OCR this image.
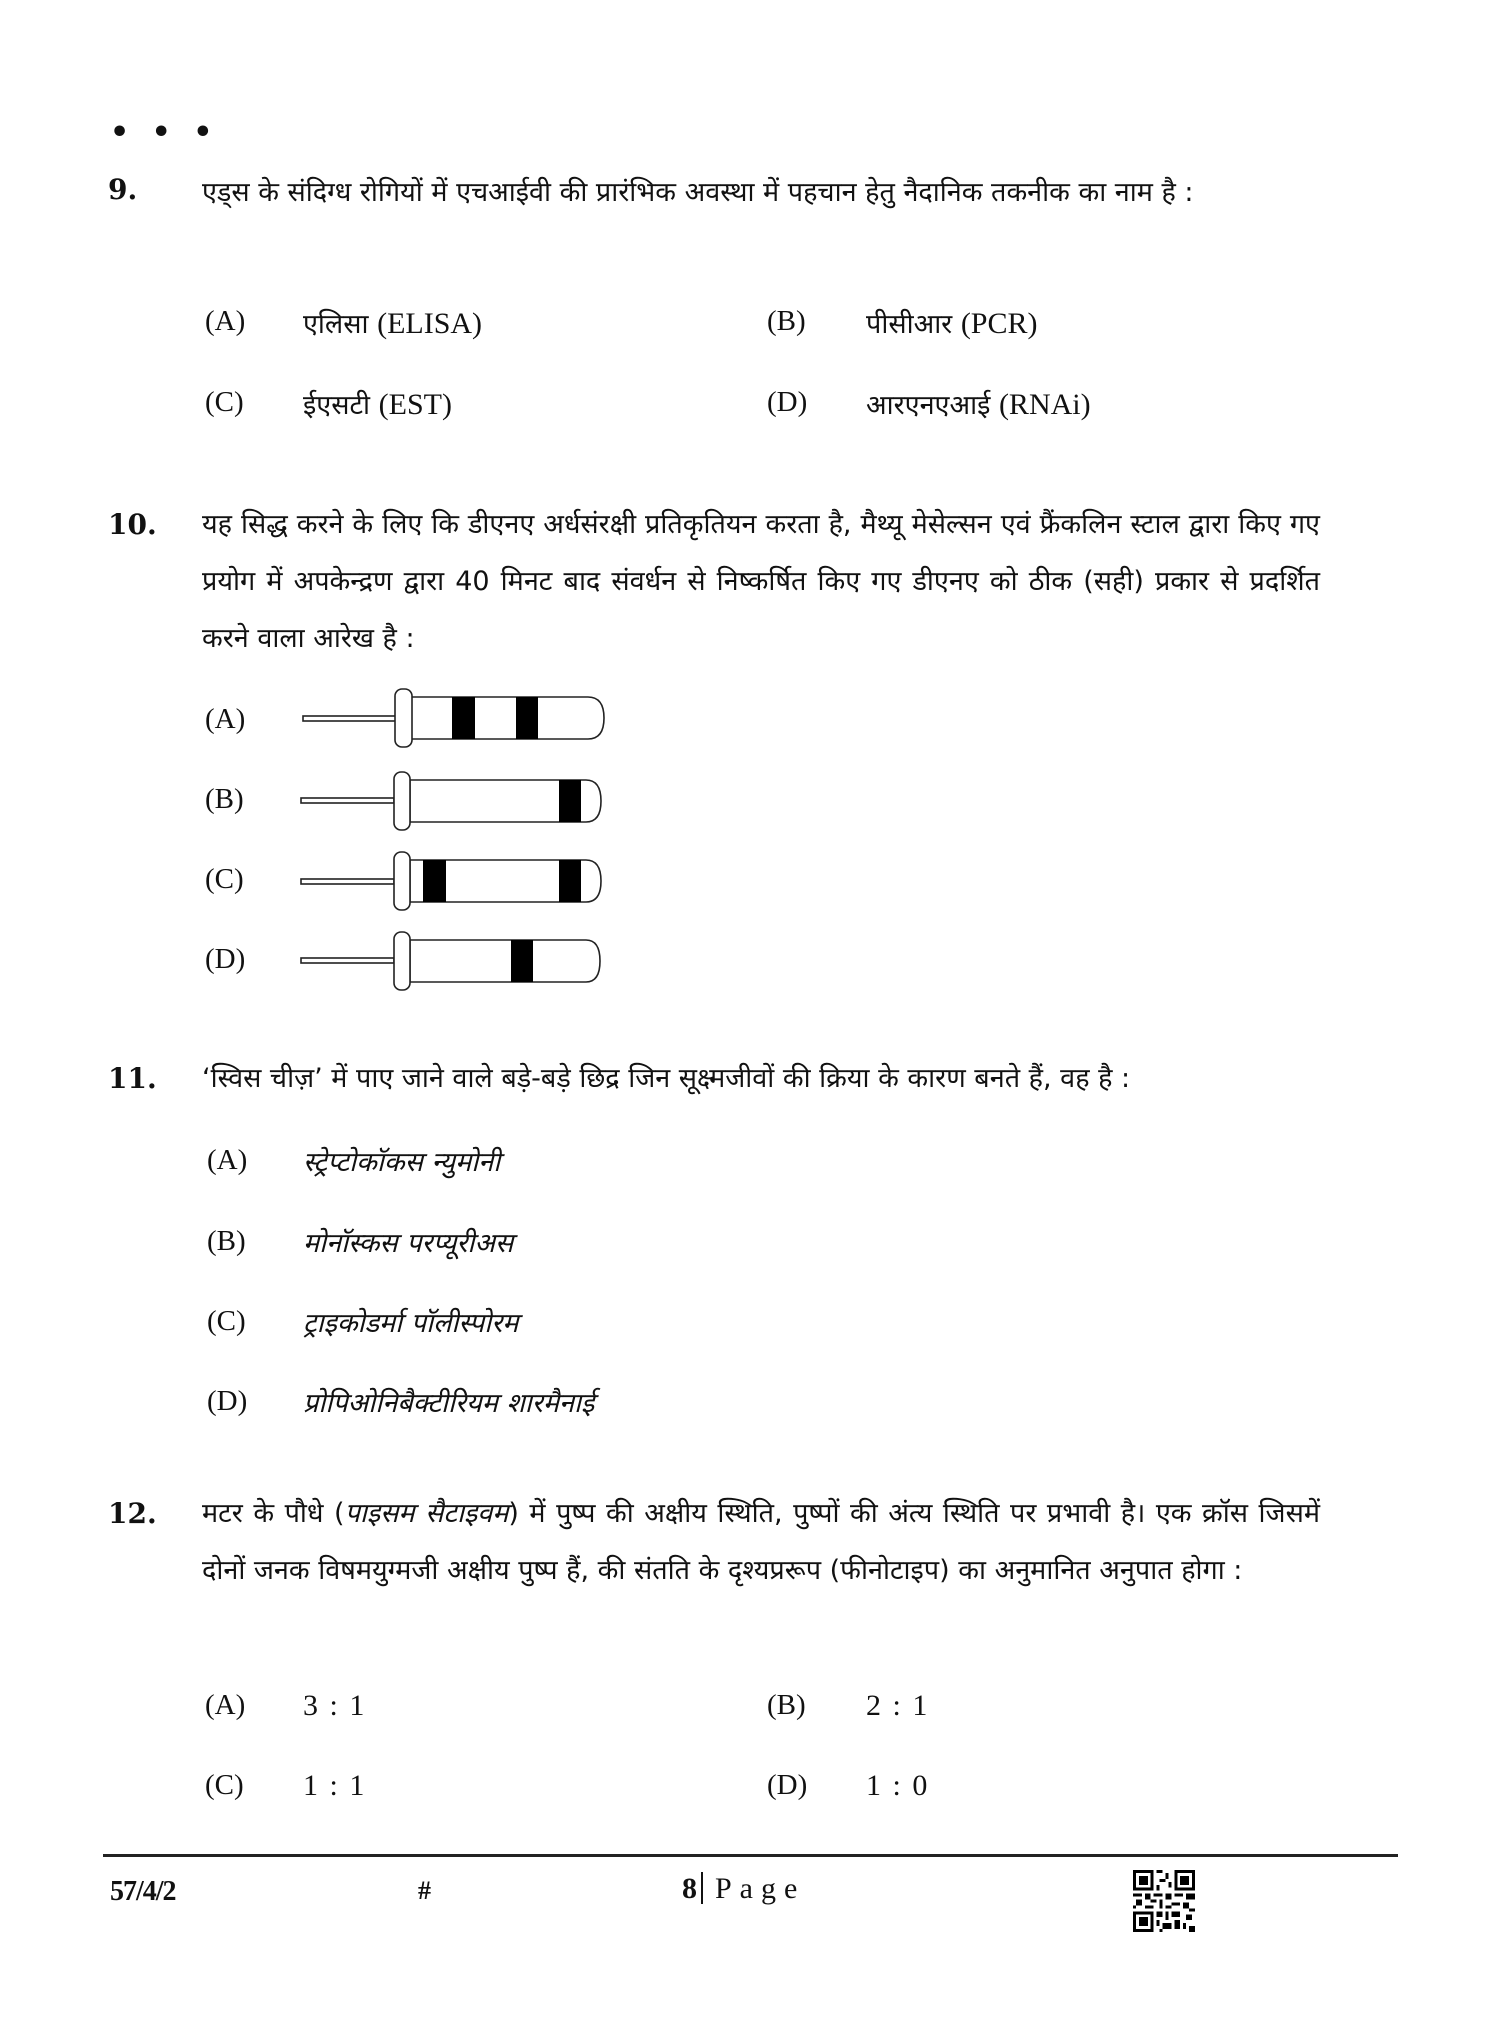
• • •
9. एड्स के संदिग्ध रोगियों में एचआईवी की प्रारंभिक अवस्था में पहचान हेतु नैदानिक तकनीक का नाम है :
(A) एलिसा (ELISA)	(B) पीसीआर (PCR)
(C) ईएसटी (EST)	(D) आरएनएआई (RNAi)
10. यह सिद्ध करने के लिए कि डीएनए अर्धसंरक्षी प्रतिकृतियन करता है, मैथ्यू मेसेल्सन एवं फ्रैंकलिन स्टाल द्वारा किए गए प्रयोग में अपकेन्द्रण द्वारा 40 मिनट बाद संवर्धन से निष्कर्षित किए गए डीएनए को ठीक (सही) प्रकार से प्रदर्शित करने वाला आरेख है :
(A)
(B)
(C)
(D)
11. ‘स्विस चीज़’ में पाए जाने वाले बड़े-बड़े छिद्र जिन सूक्ष्मजीवों की क्रिया के कारण बनते हैं, वह है :
(A) स्ट्रेप्टोकॉकस न्युमोनी
(B) मोनॉस्कस परप्यूरीअस
(C) ट्राइकोडर्मा पॉलीस्पोरम
(D) प्रोपिओनिबैक्टीरियम शारमैनाई
12. मटर के पौधे (पाइसम सैटाइवम) में पुष्प की अक्षीय स्थिति, पुष्पों की अंत्य स्थिति पर प्रभावी है। एक क्रॉस जिसमें दोनों जनक विषमयुग्मजी अक्षीय पुष्प हैं, की संतति के दृश्यप्ररूप (फीनोटाइप) का अनुमानित अनुपात होगा :
(A) 3 : 1	(B) 2 : 1
(C) 1 : 1	(D) 1 : 0
57/4/2	#	8 Page
